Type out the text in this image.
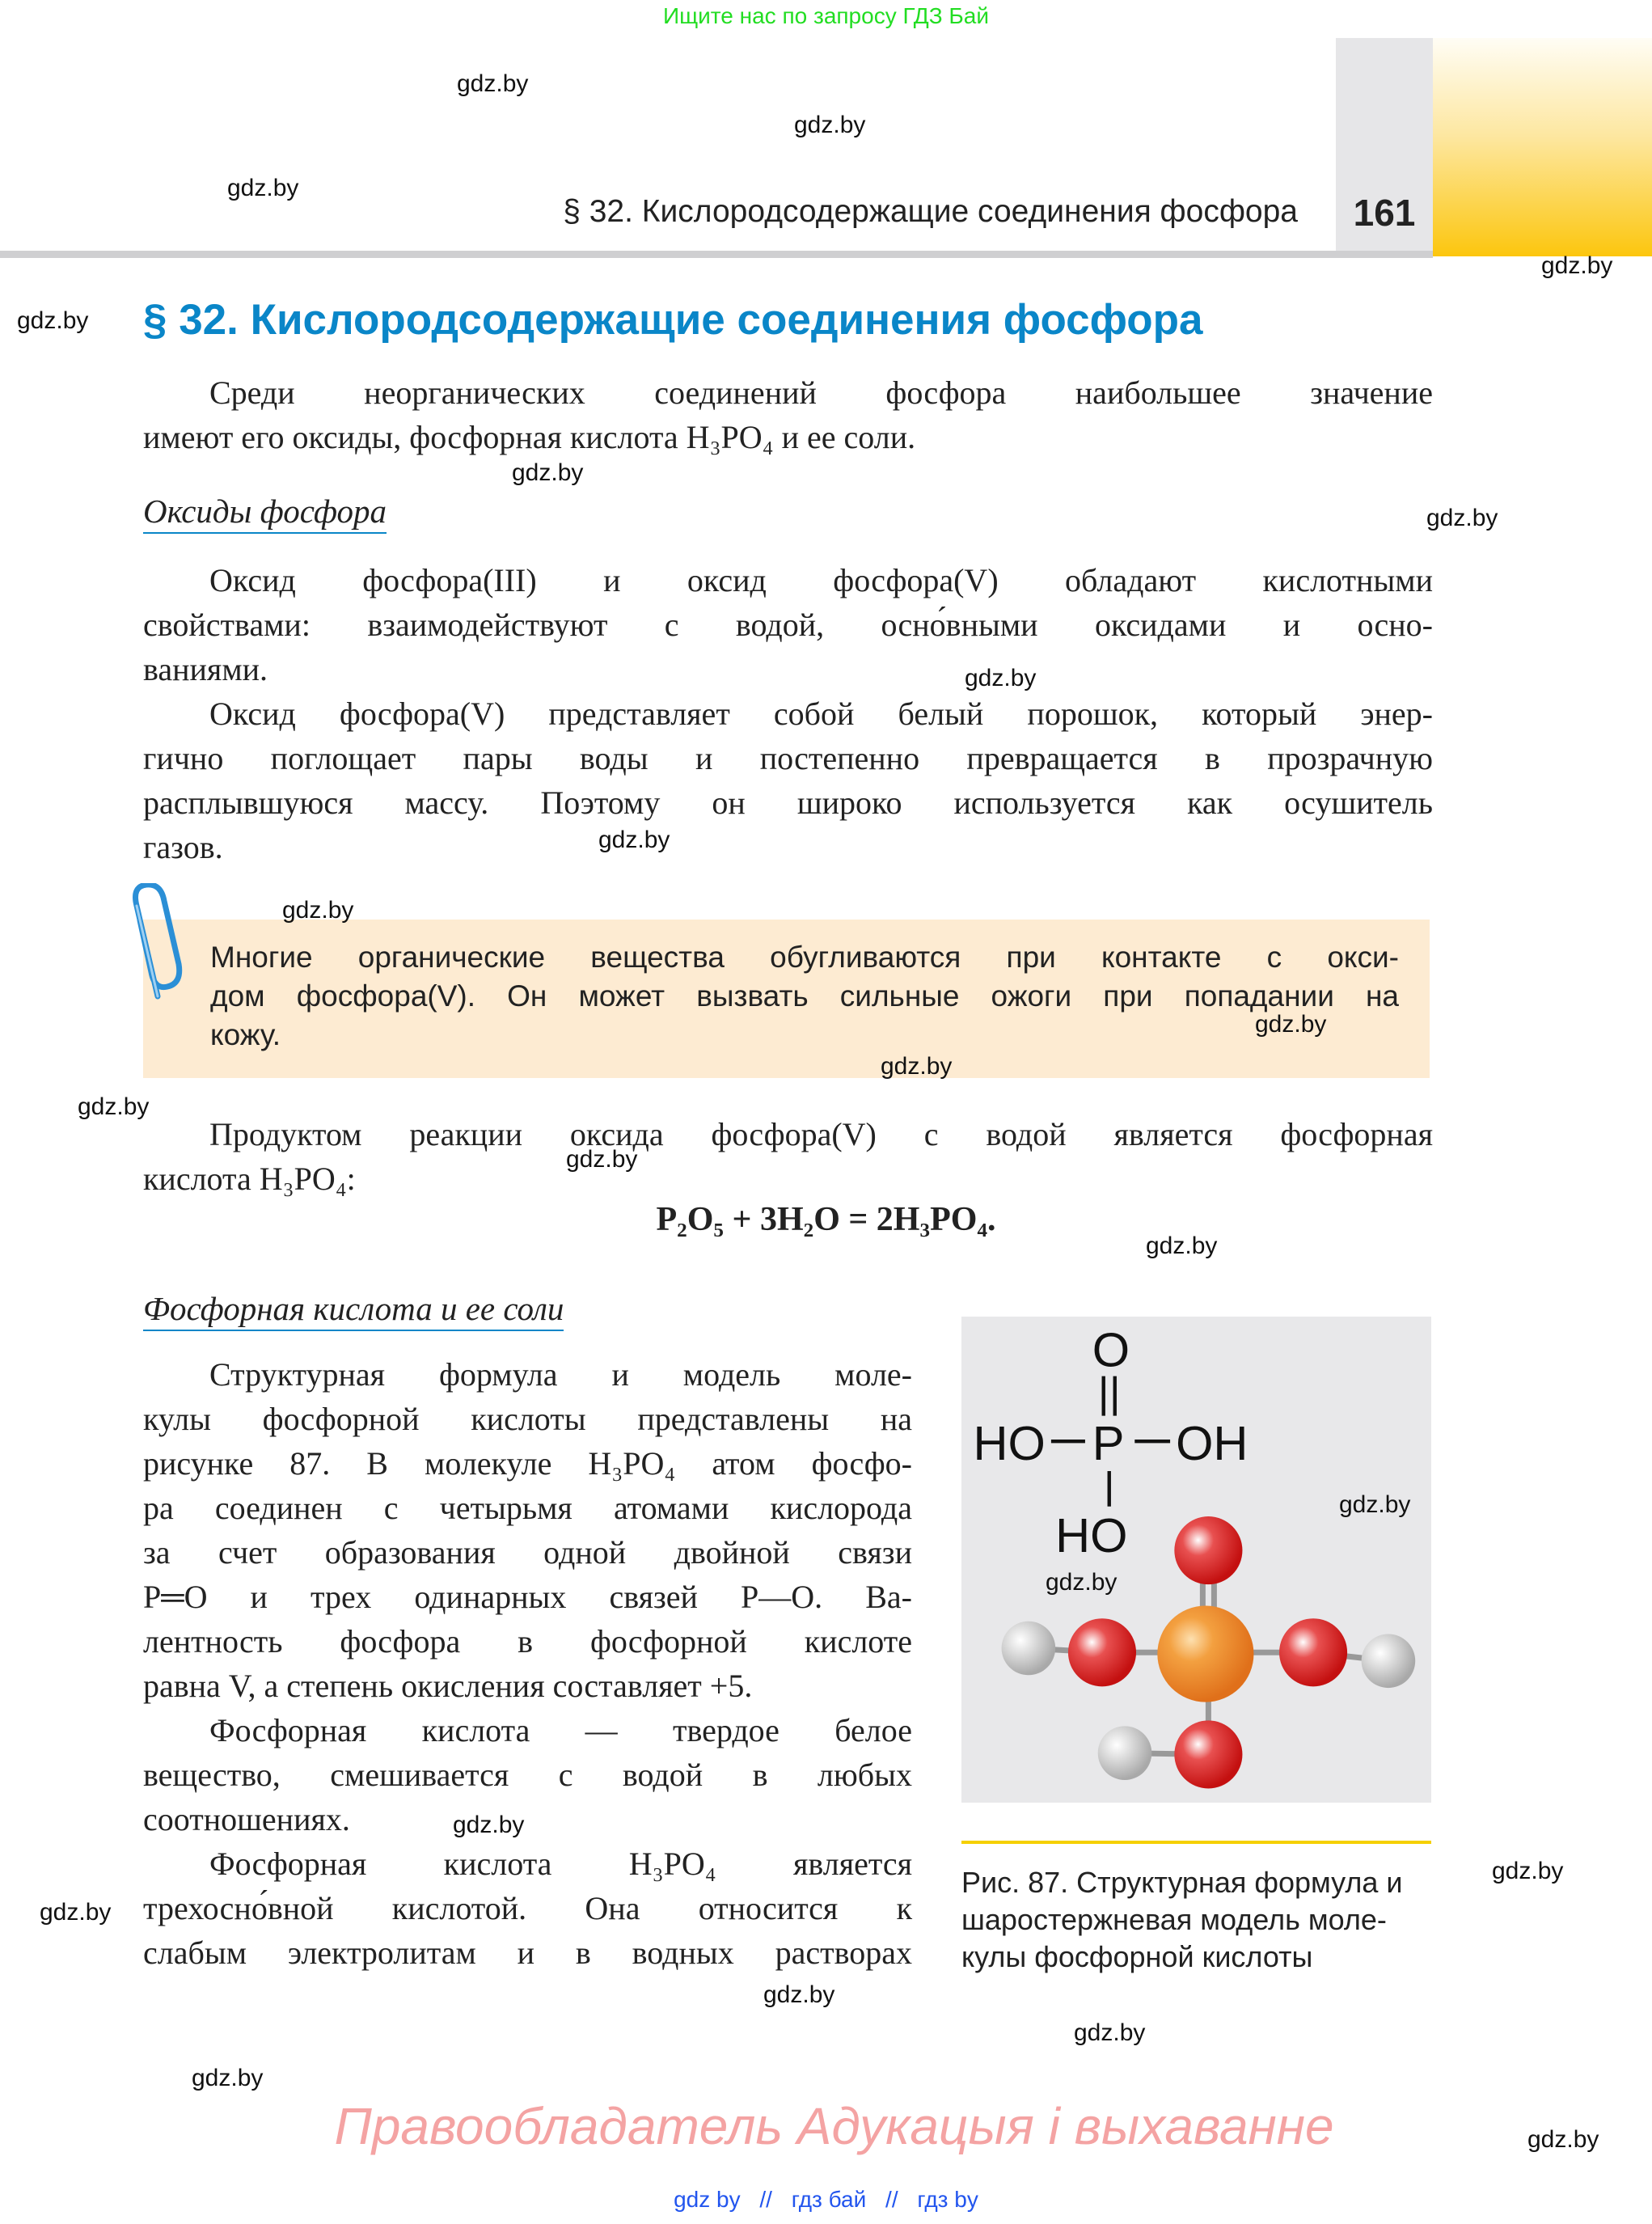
Ищите нас по запросу ГДЗ Бай
§ 32. Кислородсодержащие соединения фосфора	161
§ 32. Кислородсодержащие соединения фосфора
Среди неорганических соединений фосфора наибольшее значение
имеют его оксиды, фосфорная кислота H₃PO₄ и ее соли.
Оксиды фосфора
Оксид фосфора(III) и оксид фосфора(V) обладают кислотными
свойствами: взаимодействуют с водой, осно́вными оксидами и осно-
ваниями.
Оксид фосфора(V) представляет собой белый порошок, который энер-
гично поглощает пары воды и постепенно превращается в прозрачную
расплывшуюся массу. Поэтому он широко используется как осушитель
газов.
Многие органические вещества обугливаются при контакте с окси-
дом фосфора(V). Он может вызвать сильные ожоги при попадании на
кожу.
Продуктом реакции оксида фосфора(V) с водой является фосфорная
кислота H₃PO₄:
P₂O₅ + 3H₂O = 2H₃PO₄.
Фосфорная кислота и ее соли
Структурная формула и модель моле-
кулы фосфорной кислоты представлены на
рисунке 87. В молекуле H₃PO₄ атом фосфо-
ра соединен с четырьмя атомами кислорода
за счет образования одной двойной связи
P═O и трех одинарных связей P—O. Ва-
лентность фосфора в фосфорной кислоте
равна V, а степень окисления составляет +5.
Фосфорная кислота — твердое белое
вещество, смешивается с водой в любых
соотношениях.
Фосфорная кислота H₃PO₄ является
трехосно́вной кислотой. Она относится к
слабым электролитам и в водных растворах
O
P
HO	OH
HO
Рис. 87. Структурная формула и
шаростержневая модель моле-
кулы фосфорной кислоты
Правообладатель Адукацыя і выхаванне
gdz by // гдз бай // гдз by
gdz.by
gdz.by
gdz.by
gdz.by
gdz.by
gdz.by
gdz.by
gdz.by
gdz.by
gdz.by
gdz.by
gdz.by
gdz.by
gdz.by
gdz.by
gdz.by
gdz.by
gdz.by
gdz.by
gdz.by
gdz.by
gdz.by
gdz.by
gdz.by
